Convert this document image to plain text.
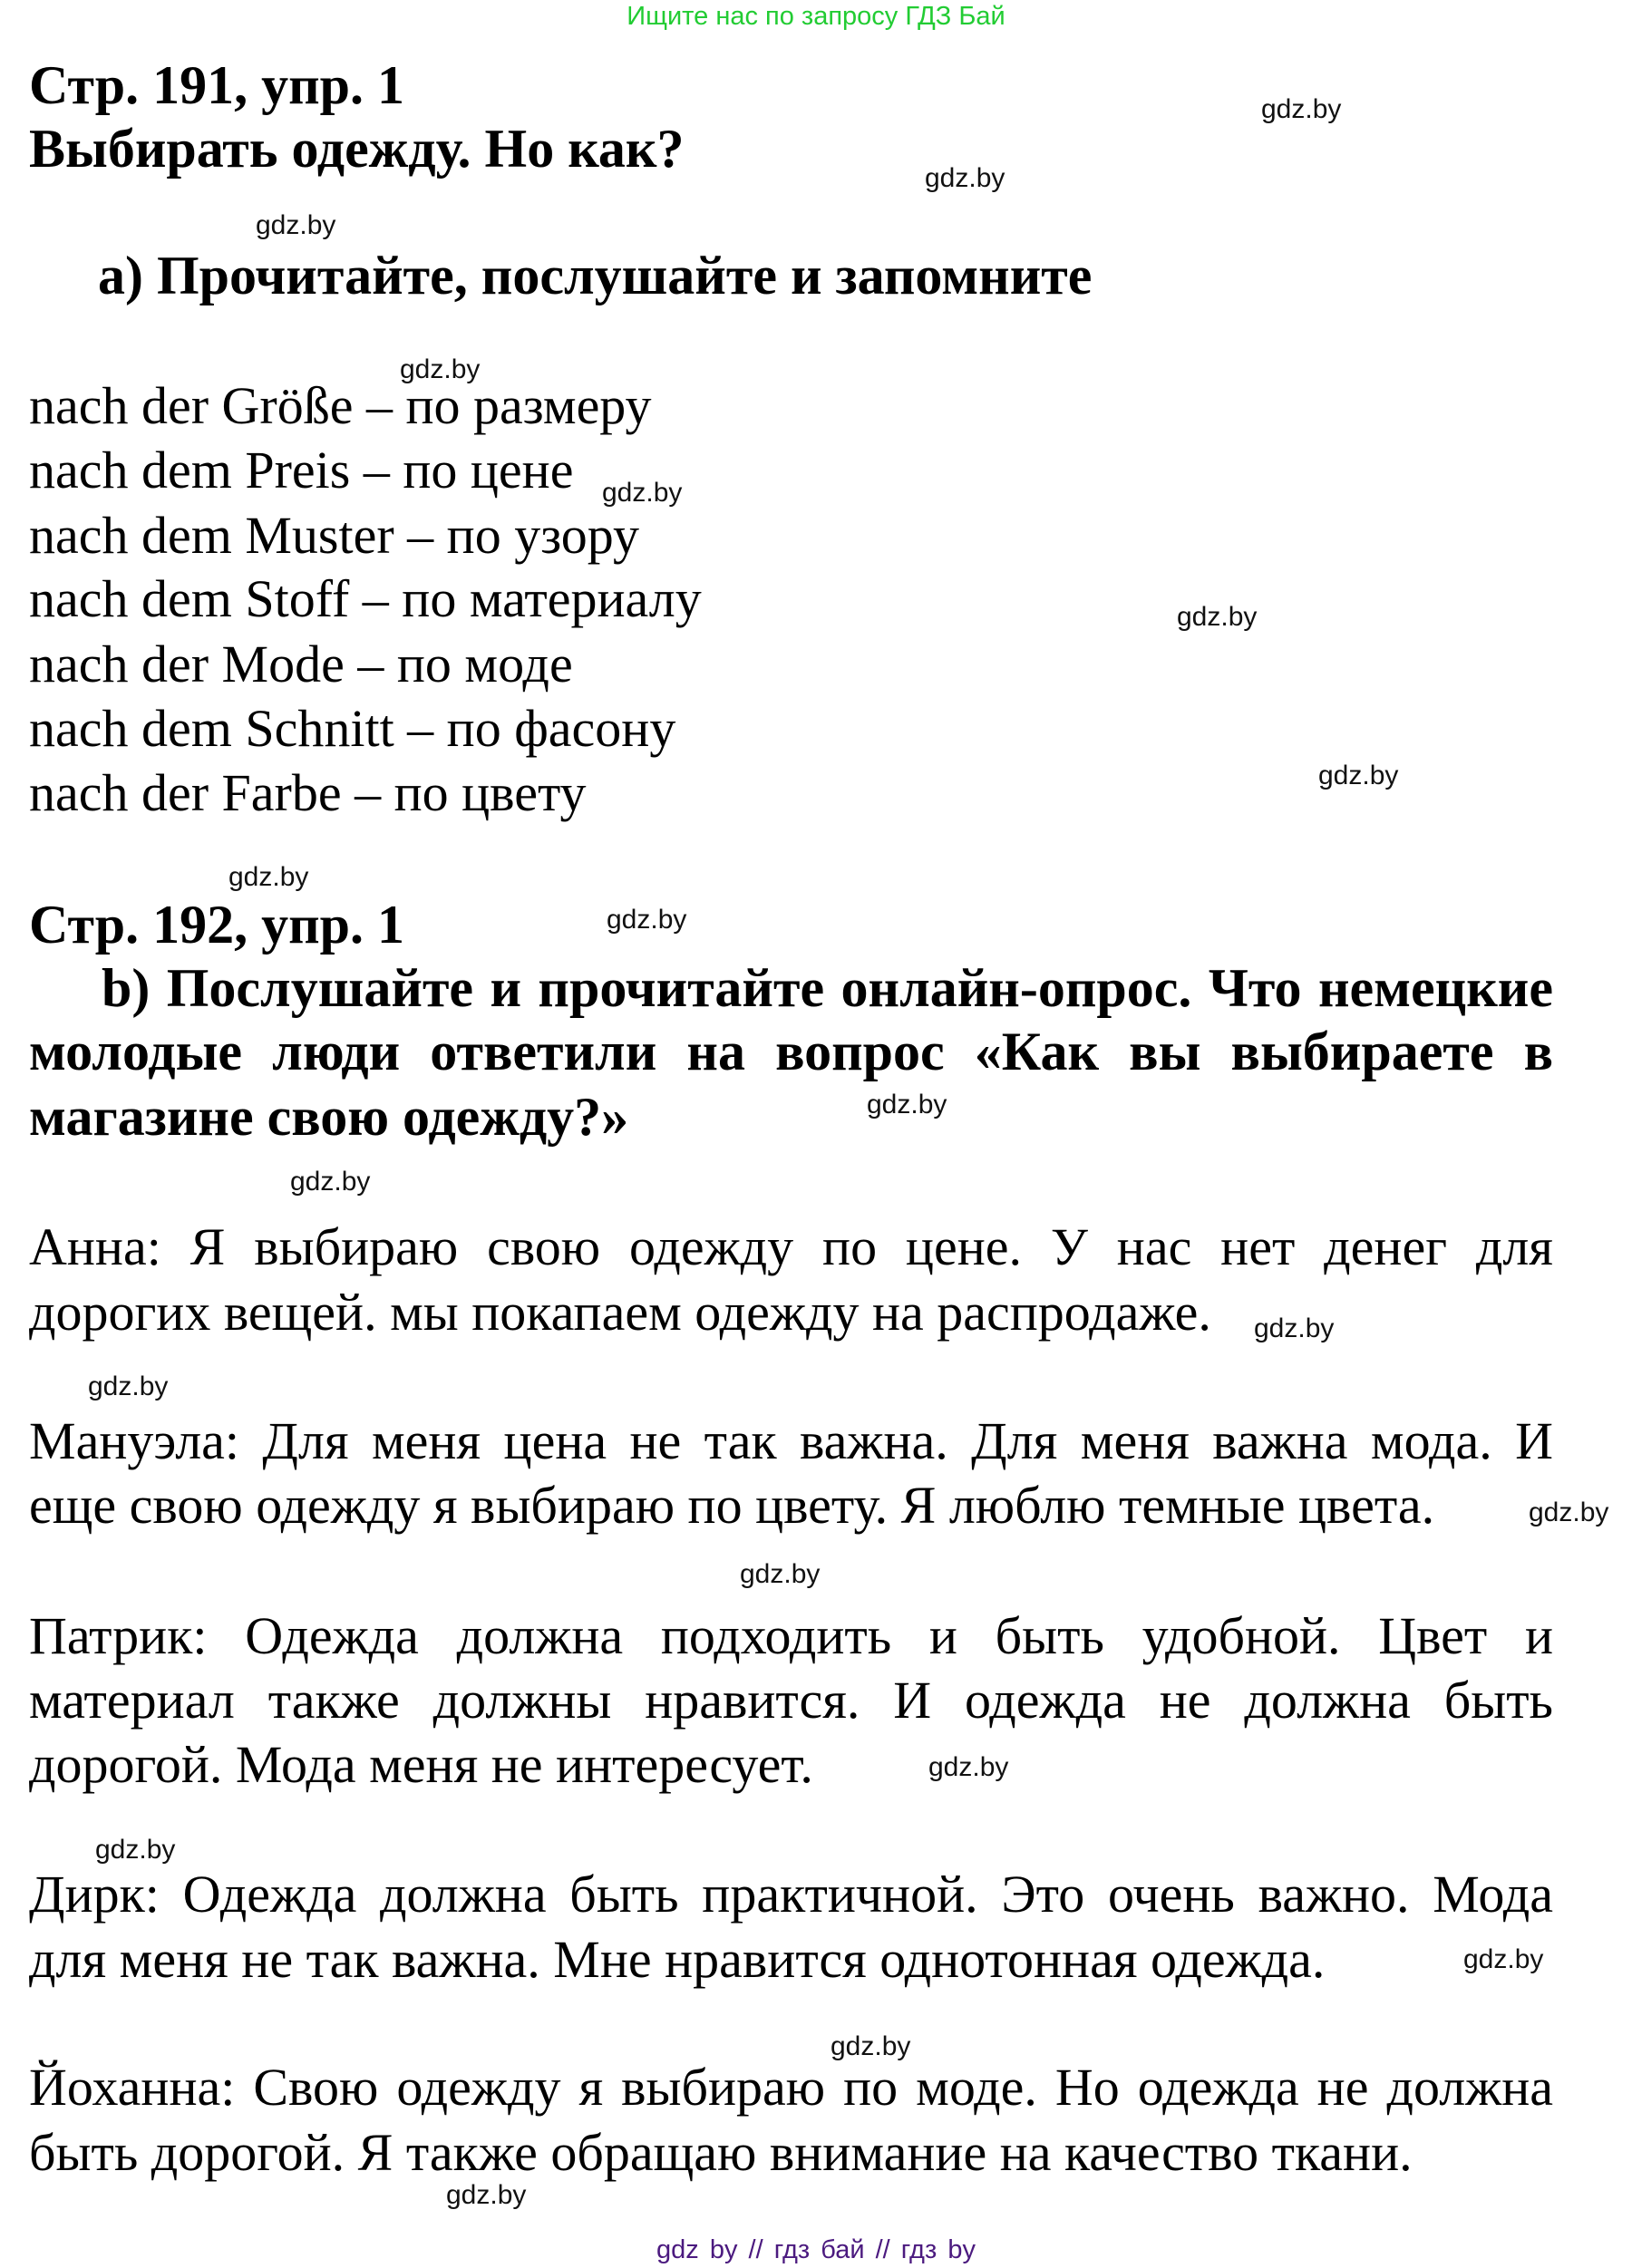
Ищите нас по запросу ГДЗ Бай
Стр. 191, упр. 1
Выбирать одежду. Но как?
a) Прочитайте, послушайте и запомните
nach der Größe – по размеру
nach dem Preis – по цене
nach dem Muster – по узору
nach dem Stoff – по материалу
nach der Mode – по моде
nach dem Schnitt – по фасону
nach der Farbe – по цвету
Стр. 192, упр. 1
b) Послушайте и прочитайте онлайн-опрос. Что немецкие
молодые люди ответили на вопрос «Как вы выбираете в
магазине свою одежду?»
Анна: Я выбираю свою одежду по цене. У нас нет денег для
дорогих вещей. мы покапаем одежду на распродаже.
Мануэла: Для меня цена не так важна. Для меня важна мода. И
еще свою одежду я выбираю по цвету. Я люблю темные цвета.
Патрик: Одежда должна подходить и быть удобной. Цвет и
материал также должны нравится. И одежда не должна быть
дорогой. Мода меня не интересует.
Дирк: Одежда должна быть практичной. Это очень важно. Мода
для меня не так важна. Мне нравится однотонная одежда.
Йоханна: Свою одежду я выбираю по моде. Но одежда не должна
быть дорогой. Я также обращаю внимание на качество ткани.
gdz.by
gdz.by
gdz.by
gdz.by
gdz.by
gdz.by
gdz.by
gdz.by
gdz.by
gdz.by
gdz.by
gdz.by
gdz.by
gdz.by
gdz.by
gdz.by
gdz.by
gdz.by
gdz.by
gdz.by
gdz by // гдз бай // гдз by
